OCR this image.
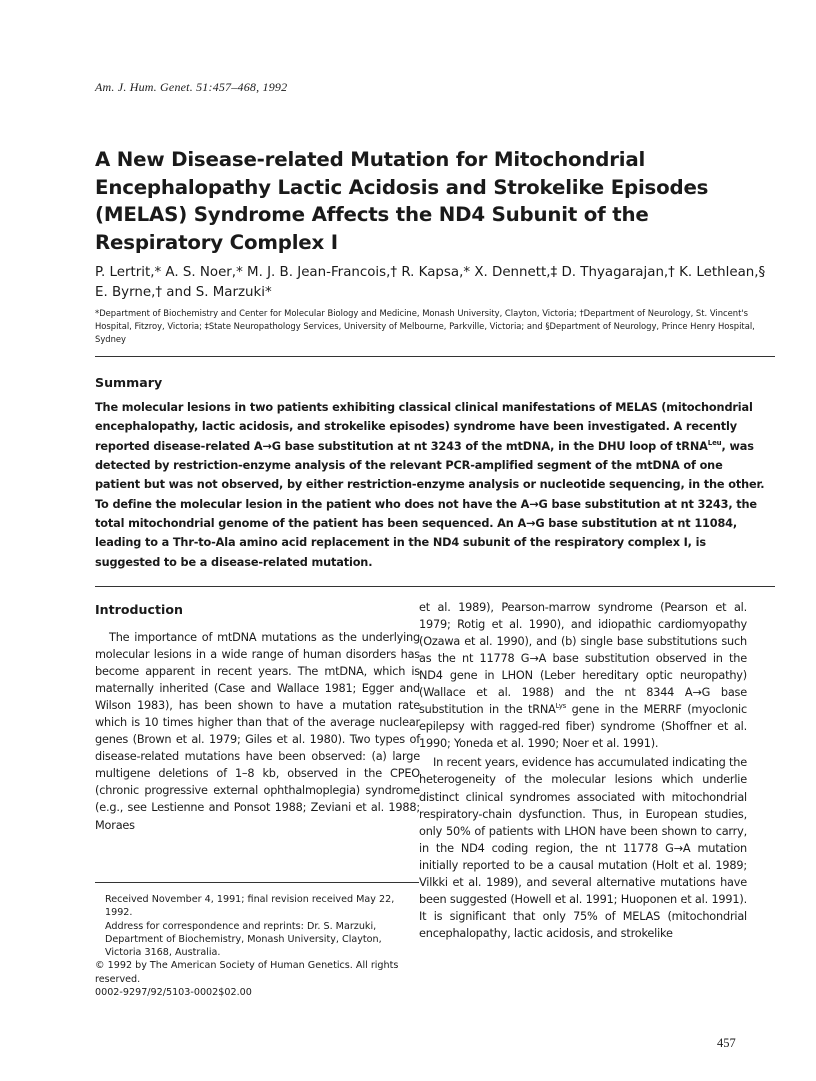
Am. J. Hum. Genet. 51:457–468, 1992
A New Disease-related Mutation for Mitochondrial Encephalopathy Lactic Acidosis and Strokelike Episodes (MELAS) Syndrome Affects the ND4 Subunit of the Respiratory Complex I
P. Lertrit,* A. S. Noer,* M. J. B. Jean-Francois,† R. Kapsa,* X. Dennett,‡ D. Thyagarajan,† K. Lethlean,§ E. Byrne,† and S. Marzuki*
*Department of Biochemistry and Center for Molecular Biology and Medicine, Monash University, Clayton, Victoria; †Department of Neurology, St. Vincent's Hospital, Fitzroy, Victoria; ‡State Neuropathology Services, University of Melbourne, Parkville, Victoria; and §Department of Neurology, Prince Henry Hospital, Sydney
Summary
The molecular lesions in two patients exhibiting classical clinical manifestations of MELAS (mitochondrial encephalopathy, lactic acidosis, and strokelike episodes) syndrome have been investigated. A recently reported disease-related A→G base substitution at nt 3243 of the mtDNA, in the DHU loop of tRNA$^{Leu}$, was detected by restriction-enzyme analysis of the relevant PCR-amplified segment of the mtDNA of one patient but was not observed, by either restriction-enzyme analysis or nucleotide sequencing, in the other. To define the molecular lesion in the patient who does not have the A→G base substitution at nt 3243, the total mitochondrial genome of the patient has been sequenced. An A→G base substitution at nt 11084, leading to a Thr-to-Ala amino acid replacement in the ND4 subunit of the respiratory complex I, is suggested to be a disease-related mutation.
Introduction

The importance of mtDNA mutations as the underlying molecular lesions in a wide range of human disorders has become apparent in recent years. The mtDNA, which is maternally inherited (Case and Wallace 1981; Egger and Wilson 1983), has been shown to have a mutation rate which is 10 times higher than that of the average nuclear genes (Brown et al. 1979; Giles et al. 1980). Two types of disease-related mutations have been observed: (a) large multigene deletions of 1–8 kb, observed in the CPEO (chronic progressive external ophthalmoplegia) syndrome (e.g., see Lestienne and Ponsot 1988; Zeviani et al. 1988; Moraes

et al. 1989), Pearson-marrow syndrome (Pearson et al. 1979; Rotig et al. 1990), and idiopathic cardiomyopathy (Ozawa et al. 1990), and (b) single base substitutions such as the nt 11778 G→A base substitution observed in the ND4 gene in LHON (Leber hereditary optic neuropathy) (Wallace et al. 1988) and the nt 8344 A→G base substitution in the tRNA$^{Lys}$ gene in the MERRF (myoclonic epilepsy with ragged-red fiber) syndrome (Shoffner et al. 1990; Yoneda et al. 1990; Noer et al. 1991).

In recent years, evidence has accumulated indicating the heterogeneity of the molecular lesions which underlie distinct clinical syndromes associated with mitochondrial respiratory-chain dysfunction. Thus, in European studies, only 50% of patients with LHON have been shown to carry, in the ND4 coding region, the nt 11778 G→A mutation initially reported to be a causal mutation (Holt et al. 1989; Vilkki et al. 1989), and several alternative mutations have been suggested (Howell et al. 1991; Huoponen et al. 1991). It is significant that only 75% of MELAS (mitochondrial encephalopathy, lactic acidosis, and strokelike

Received November 4, 1991; final revision received May 22, 1992.

Address for correspondence and reprints: Dr. S. Marzuki, Department of Biochemistry, Monash University, Clayton, Victoria 3168, Australia.

© 1992 by The American Society of Human Genetics. All rights reserved.

0002-9297/92/5103-0002$02.00

457
